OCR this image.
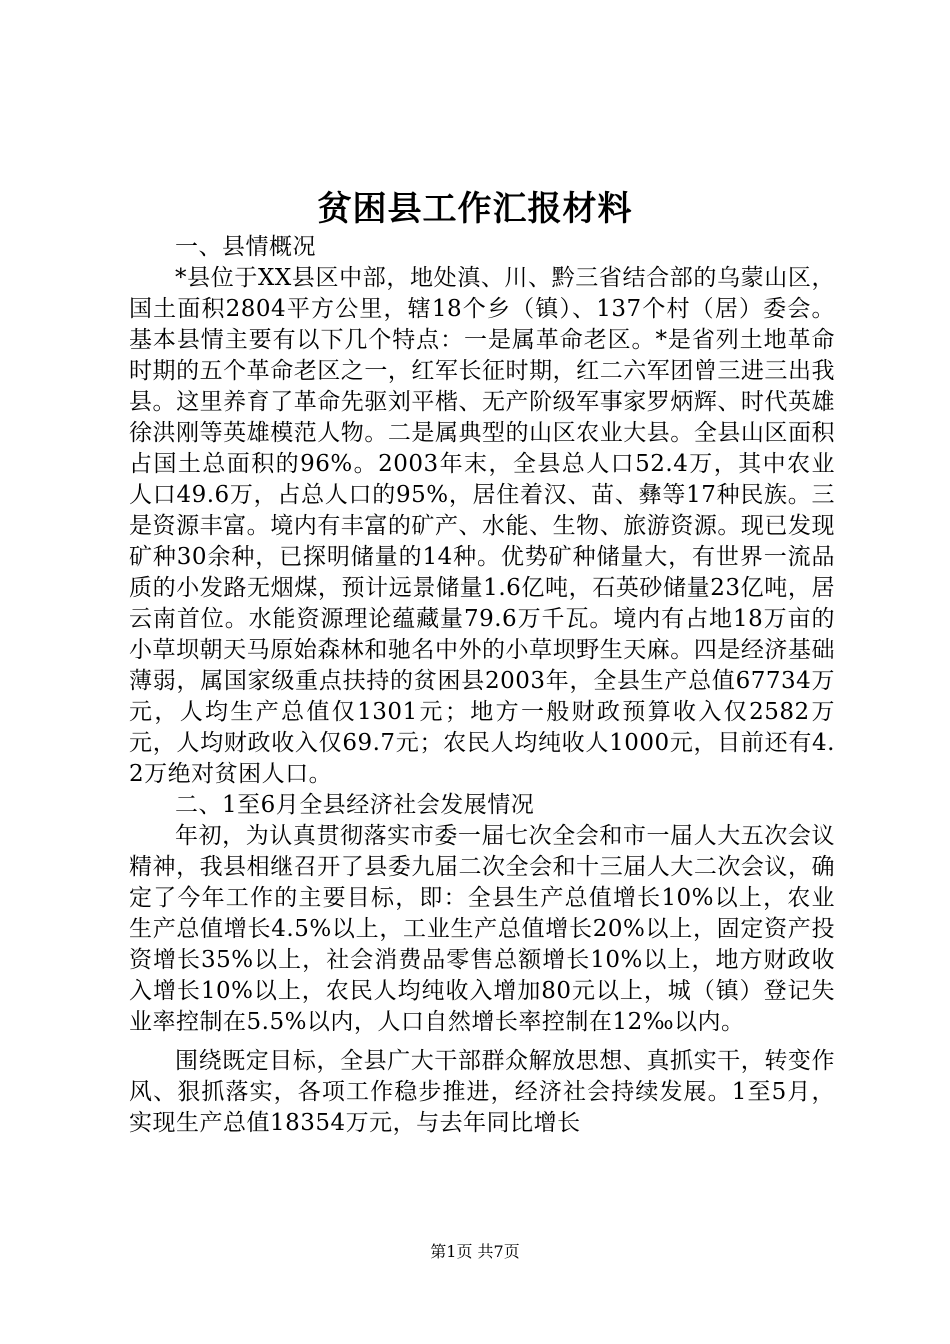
贫困县工作汇报材料

一、县情概况

*县位于XX县区中部，地处滇、川、黔三省结合部的乌蒙山区，国土面积2804平方公里，辖18个乡（镇）、137个村（居）委会。基本县情主要有以下几个特点：一是属革命老区。*是省列土地革命时期的五个革命老区之一，红军长征时期，红二六军团曾三进三出我县。这里养育了革命先驱刘平楷、无产阶级军事家罗炳辉、时代英雄徐洪刚等英雄模范人物。二是属典型的山区农业大县。全县山区面积占国土总面积的96%。2003年末，全县总人口52.4万，其中农业人口49.6万，占总人口的95%，居住着汉、苗、彝等17种民族。三是资源丰富。境内有丰富的矿产、水能、生物、旅游资源。现已发现矿种30余种，已探明储量的14种。优势矿种储量大，有世界一流品质的小发路无烟煤，预计远景储量1.6亿吨，石英砂储量23亿吨，居云南首位。水能资源理论蕴藏量79.6万千瓦。境内有占地18万亩的小草坝朝天马原始森林和驰名中外的小草坝野生天麻。四是经济基础薄弱，属国家级重点扶持的贫困县2003年，全县生产总值67734万元，人均生产总值仅1301元；地方一般财政预算收入仅2582万元，人均财政收入仅69.7元；农民人均纯收人1000元，目前还有4.2万绝对贫困人口。

二、1至6月全县经济社会发展情况

年初，为认真贯彻落实市委一届七次全会和市一届人大五次会议精神，我县相继召开了县委九届二次全会和十三届人大二次会议，确定了今年工作的主要目标，即：全县生产总值增长10%以上，农业生产总值增长4.5%以上，工业生产总值增长20%以上，固定资产投资增长35%以上，社会消费品零售总额增长10%以上，地方财政收入增长10%以上，农民人均纯收入增加80元以上，城（镇）登记失业率控制在5.5%以内，人口自然增长率控制在12‰以内。

围绕既定目标，全县广大干部群众解放思想、真抓实干，转变作风、狠抓落实，各项工作稳步推进，经济社会持续发展。1至5月，实现生产总值18354万元，与去年同比增长

第1页 共7页
